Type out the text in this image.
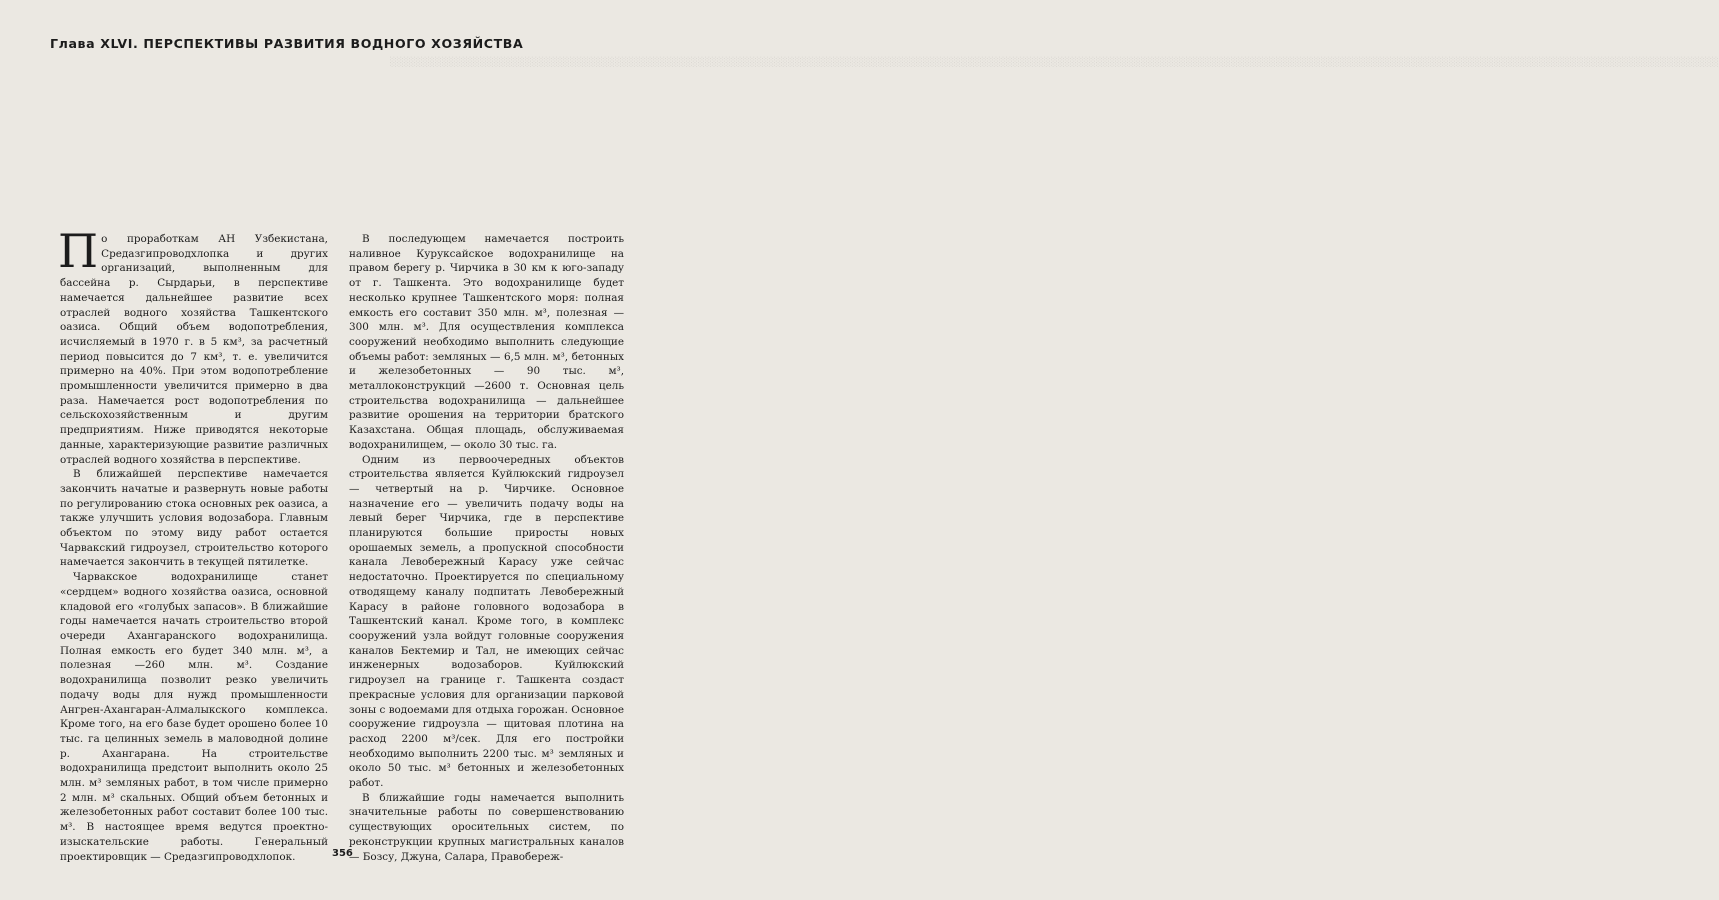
░░░░░░░░░░░░░░░░░░░░░░░░░░░░░░░░░░░░░░░░░░░░░░░░░░░░░░░░░░░░░░░░░░░░░░░░░░░░░░░░░░░░░░░░░░░░░░░░░░░░░░░░░░░░░░░░░░░░░░░░░░░░░░░░░░░░░░░░░░░░░░░░░░░░░░░░░░░░░░░░░░░░░░░░░░░░░░░░░░░░░░░░░░░░░░░░
Глава XLVI. ПЕРСПЕКТИВЫ РАЗВИТИЯ ВОДНОГО ХОЗЯЙСТВА

По проработкам АН Узбекистана, Средазгипроводхлопка и других организаций, выполненным для бассейна р. Сырдарьи, в перспективе намечается дальнейшее развитие всех отраслей водного хозяйства Ташкентского оазиса. Общий объем водопотребления, исчисляемый в 1970 г. в 5 км³, за расчетный период повысится до 7 км³, т. е. увеличится примерно на 40%. При этом водопотребление промышленности увеличится примерно в два раза. Намечается рост водопотребления по сельскохозяйственным и другим предприятиям. Ниже приводятся некоторые данные, характеризующие развитие различных отраслей водного хозяйства в перспективе.

В ближайшей перспективе намечается закончить начатые и развернуть новые работы по регулированию стока основных рек оазиса, а также улучшить условия водозабора. Главным объектом по этому виду работ остается Чарвакский гидроузел, строительство которого намечается закончить в текущей пятилетке.

Чарвакское водохранилище станет «сердцем» водного хозяйства оазиса, основной кладовой его «голубых запасов». В ближайшие годы намечается начать строительство второй очереди Ахангаранского водохранилища. Полная емкость его будет 340 млн. м³, а полезная —260 млн. м³. Создание водохранилища позволит резко увеличить подачу воды для нужд промышленности Ангрен-Ахангаран-Алмалыкского комплекса. Кроме того, на его базе будет орошено более 10 тыс. га целинных земель в маловодной долине р. Ахангарана. На строительстве водохранилища предстоит выполнить около 25 млн. м³ земляных работ, в том числе примерно 2 млн. м³ скальных. Общий объем бетонных и железобетонных работ составит более 100 тыс. м³. В настоящее время ведутся проектно-изыскательские работы. Генеральный проектировщик — Средазгипроводхлопок.

В последующем намечается построить наливное Куруксайское водохранилище на правом берегу р. Чирчика в 30 км к юго-западу от г. Ташкента. Это водохранилище будет несколько крупнее Ташкентского моря: полная емкость его составит 350 млн. м³, полезная — 300 млн. м³. Для осуществления комплекса сооружений необходимо выполнить следующие объемы работ: земляных — 6,5 млн. м³, бетонных и железобетонных — 90 тыс. м³, металлоконструкций —2600 т. Основная цель строительства водохранилища — дальнейшее развитие орошения на территории братского Казахстана. Общая площадь, обслуживаемая водохранилищем, — около 30 тыс. га.

Одним из первоочередных объектов строительства является Куйлюкский гидроузел — четвертый на р. Чирчике. Основное назначение его — увеличить подачу воды на левый берег Чирчика, где в перспективе планируются большие приросты новых орошаемых земель, а пропускной способности канала Левобережный Карасу уже сейчас недостаточно. Проектируется по специальному отводящему каналу подпитать Левобережный Карасу в районе головного водозабора в Ташкентский канал. Кроме того, в комплекс сооружений узла войдут головные сооружения каналов Бектемир и Тал, не имеющих сейчас инженерных водозаборов. Куйлюкский гидроузел на границе г. Ташкента создаст прекрасные условия для организации парковой зоны с водоемами для отдыха горожан. Основное сооружение гидроузла — щитовая плотина на расход 2200 м³/сек. Для его постройки необходимо выполнить 2200 тыс. м³ земляных и около 50 тыс. м³ бетонных и железобетонных работ.

В ближайшие годы намечается выполнить значительные работы по совершенствованию существующих оросительных систем, по реконструкции крупных магистральных каналов — Бозсу, Джуна, Салара, Правобереж-

356
